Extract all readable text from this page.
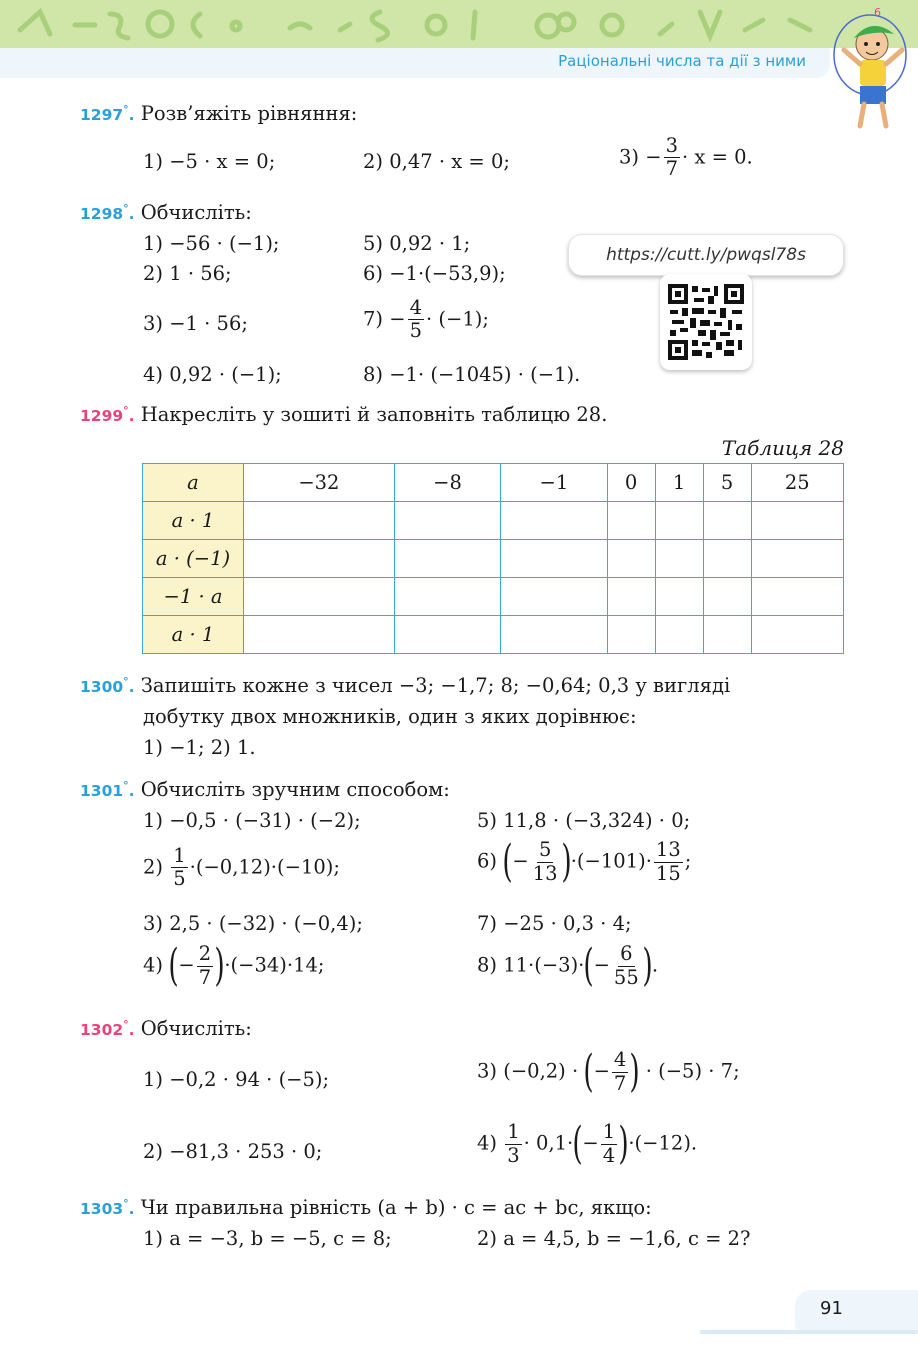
Раціональні числа та дії з ними
6
1297°. Розв’яжіть рівняння:
1) −5 · x = 0;	2) 0,47 · x = 0;	$3) - \frac{3}{7} \cdot x = 0$.
1298°. Обчисліть:
1) −56 · (−1);
2) 1 · 56;
3) −1 · 56;
4) 0,92 · (−1);
5) 0,92 · 1;
6) −1·(−53,9);
$7) - \frac{4}{5} \cdot (-1)$;
8) −1· (−1045) · (−1).
https://cutt.ly/pwqsl78s
1299°. Накресліть у зошиті й заповніть таблицю 28.
Таблиця 28
a	−32	−8	−1	0	1	5	25
a · 1							
a · (−1)							
−1 · a							
a · 1							
1300°. Запишіть кожне з чисел −3; −1,7; 8; −0,64; 0,3 у вигляді
добутку двох множників, один з яких дорівнює:
1) −1; 2) 1.
1301°. Обчисліть зручним способом:
1) −0,5 · (−31) · (−2);	5) 11,8 · (−3,324) · 0;
$2) \frac{1}{5} \cdot(-0,12)\cdot(-10)$;	6) (− $\frac{5}{13} )\cdot(-101)\cdot \frac{13}{15}$ ;
3) 2,5 · (−32) · (−0,4);	7) −25 · 0,3 · 4;
4) (− $\frac{2}{7} )\cdot(-34)\cdot 14$;	8) $11\cdot(-3)\cdot(- \frac{6}{55}$ ).
1302°. Обчисліть:
1) −0,2 · 94 · (−5);	3) (−0,2) · (− $\frac{4}{7}$ ) · (−5) · 7;
2) −81,3 · 253 · 0;	$4) \frac{1}{3} \cdot 0,1\cdot(- \frac{1}{4} )\cdot(-12)$.
1303°. Чи правильна рівність (a + b) · c = ac + bc, якщо:
1) a = −3, b = −5, c = 8;	2) a = 4,5, b = −1,6, c = 2?
91
